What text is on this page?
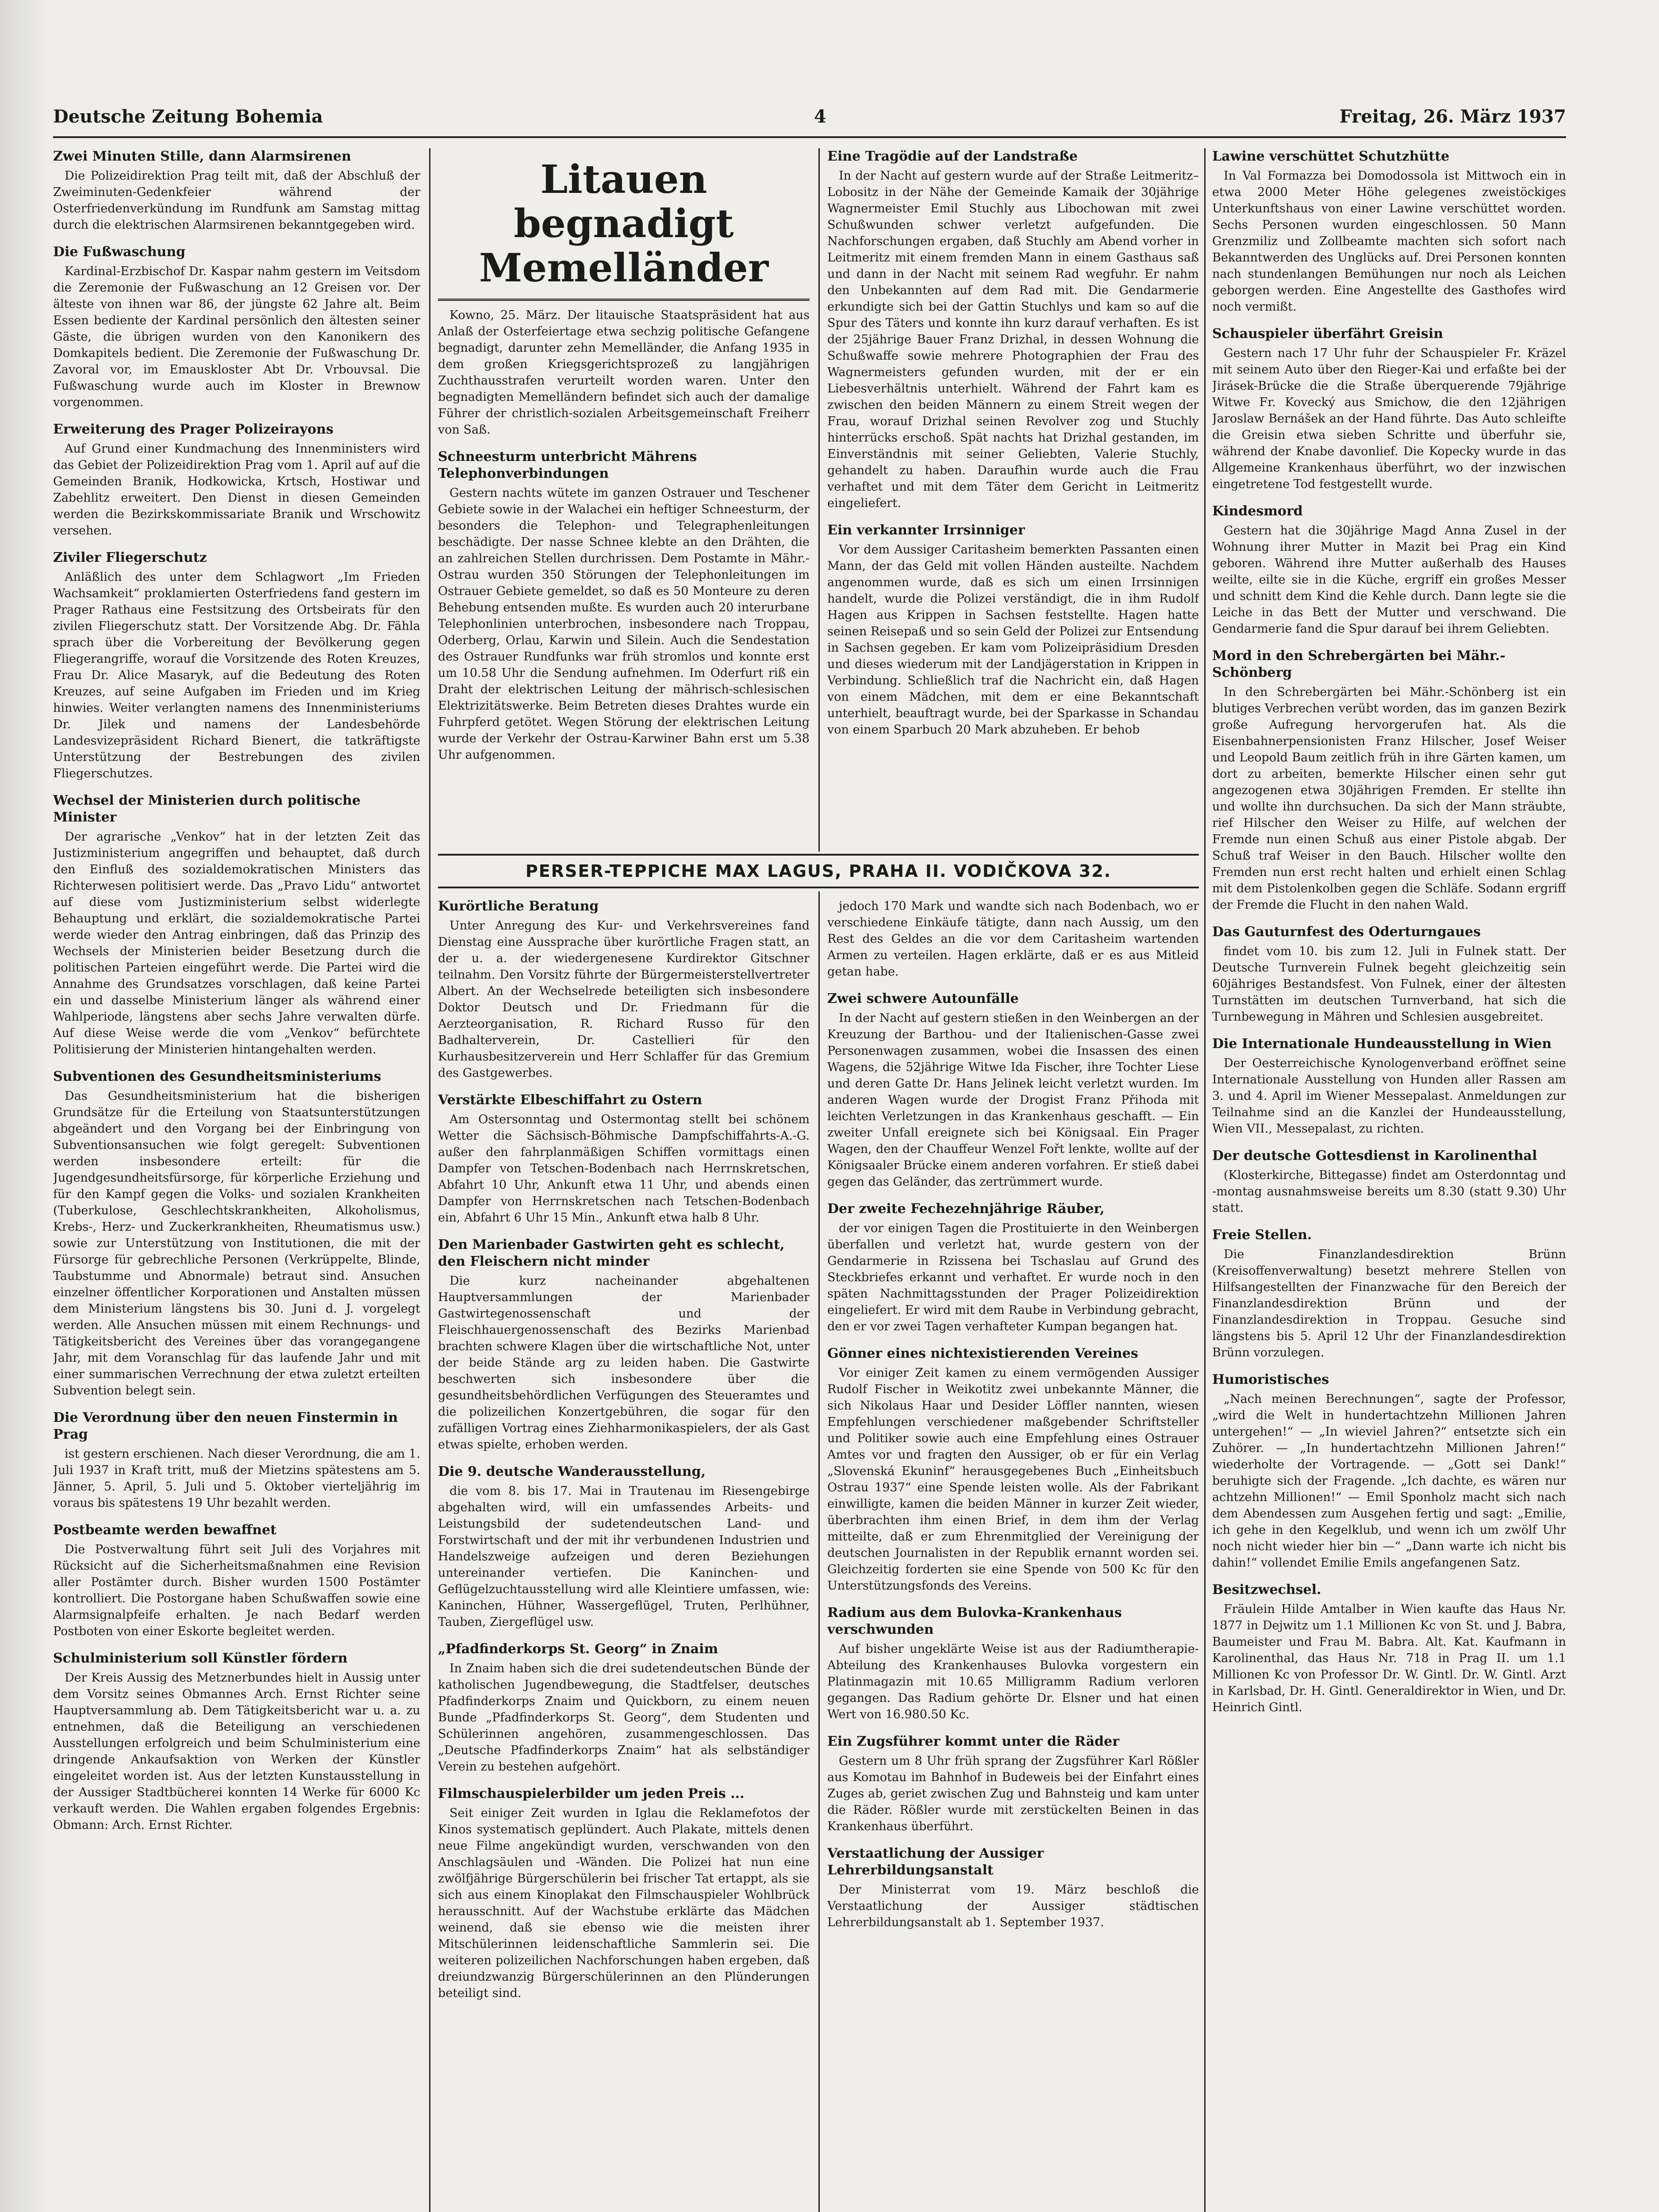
Deutsche Zeitung Bohemia	4	Freitag, 26. März 1937
Zwei Minuten Stille, dann Alarmsirenen

Die Polizeidirektion Prag teilt mit, daß der Abschluß der Zweiminuten-Gedenkfeier während der Osterfriedenverkündung im Rundfunk am Samstag mittag durch die elektrischen Alarmsirenen bekanntgegeben wird.

Die Fußwaschung

Kardinal-Erzbischof Dr. Kaspar nahm gestern im Veitsdom die Zeremonie der Fußwaschung an 12 Greisen vor. Der älteste von ihnen war 86, der jüngste 62 Jahre alt. Beim Essen bediente der Kardinal persönlich den ältesten seiner Gäste, die übrigen wurden von den Kanonikern des Domkapitels bedient. Die Zeremonie der Fußwaschung Dr. Zavoral vor, im Emauskloster Abt Dr. Vrbouvsal. Die Fußwaschung wurde auch im Kloster in Brewnow vorgenommen.

Erweiterung des Prager Polizeirayons

Auf Grund einer Kundmachung des Innenministers wird das Gebiet der Polizeidirektion Prag vom 1. April auf auf die Gemeinden Branik, Hodkowicka, Krtsch, Hostiwar und Zabehlitz erweitert. Den Dienst in diesen Gemeinden werden die Bezirkskommissariate Branik und Wrschowitz versehen.

Ziviler Fliegerschutz

Anläßlich des unter dem Schlagwort „Im Frieden Wachsamkeit“ proklamierten Osterfriedens fand gestern im Prager Rathaus eine Festsitzung des Ortsbeirats für den zivilen Fliegerschutz statt. Der Vorsitzende Abg. Dr. Fähla sprach über die Vorbereitung der Bevölkerung gegen Fliegerangriffe, worauf die Vorsitzende des Roten Kreuzes, Frau Dr. Alice Masaryk, auf die Bedeutung des Roten Kreuzes, auf seine Aufgaben im Frieden und im Krieg hinwies. Weiter verlangten namens des Innenministeriums Dr. Jilek und namens der Landesbehörde Landesvizepräsident Richard Bienert, die tatkräftigste Unterstützung der Bestrebungen des zivilen Fliegerschutzes.

Wechsel der Ministerien durch politische Minister

Der agrarische „Venkov“ hat in der letzten Zeit das Justizministerium angegriffen und behauptet, daß durch den Einfluß des sozialdemokratischen Ministers das Richterwesen politisiert werde. Das „Pravo Lidu“ antwortet auf diese vom Justizministerium selbst widerlegte Behauptung und erklärt, die sozialdemokratische Partei werde wieder den Antrag einbringen, daß das Prinzip des Wechsels der Ministerien beider Besetzung durch die politischen Parteien eingeführt werde. Die Partei wird die Annahme des Grundsatzes vorschlagen, daß keine Partei ein und dasselbe Ministerium länger als während einer Wahlperiode, längstens aber sechs Jahre verwalten dürfe. Auf diese Weise werde die vom „Venkov“ befürchtete Politisierung der Ministerien hintangehalten werden.

Subventionen des Gesundheitsministeriums

Das Gesundheitsministerium hat die bisherigen Grundsätze für die Erteilung von Staatsunterstützungen abgeändert und den Vorgang bei der Einbringung von Subventionsansuchen wie folgt geregelt: Subventionen werden insbesondere erteilt: für die Jugendgesundheitsfürsorge, für körperliche Erziehung und für den Kampf gegen die Volks- und sozialen Krankheiten (Tuberkulose, Geschlechtskrankheiten, Alkoholismus, Krebs-, Herz- und Zuckerkrankheiten, Rheumatismus usw.) sowie zur Unterstützung von Institutionen, die mit der Fürsorge für gebrechliche Personen (Verkrüppelte, Blinde, Taubstumme und Abnormale) betraut sind. Ansuchen einzelner öffentlicher Korporationen und Anstalten müssen dem Ministerium längstens bis 30. Juni d. J. vorgelegt werden. Alle Ansuchen müssen mit einem Rechnungs- und Tätigkeitsbericht des Vereines über das vorangegangene Jahr, mit dem Voranschlag für das laufende Jahr und mit einer summarischen Verrechnung der etwa zuletzt erteilten Subvention belegt sein.

Die Verordnung über den neuen Finstermin in Prag

ist gestern erschienen. Nach dieser Verordnung, die am 1. Juli 1937 in Kraft tritt, muß der Mietzins spätestens am 5. Jänner, 5. April, 5. Juli und 5. Oktober vierteljährig im voraus bis spätestens 19 Uhr bezahlt werden.

Postbeamte werden bewaffnet

Die Postverwaltung führt seit Juli des Vorjahres mit Rücksicht auf die Sicherheitsmaßnahmen eine Revision aller Postämter durch. Bisher wurden 1500 Postämter kontrolliert. Die Postorgane haben Schußwaffen sowie eine Alarmsignalpfeife erhalten. Je nach Bedarf werden Postboten von einer Eskorte begleitet werden.

Schulministerium soll Künstler fördern

Der Kreis Aussig des Metznerbundes hielt in Aussig unter dem Vorsitz seines Obmannes Arch. Ernst Richter seine Hauptversammlung ab. Dem Tätigkeitsbericht war u. a. zu entnehmen, daß die Beteiligung an verschiedenen Ausstellungen erfolgreich und beim Schulministerium eine dringende Ankaufsaktion von Werken der Künstler eingeleitet worden ist. Aus der letzten Kunstausstellung in der Aussiger Stadtbücherei konnten 14 Werke für 6000 Kc verkauft werden. Die Wahlen ergaben folgendes Ergebnis: Obmann: Arch. Ernst Richter.

Litauen begnadigt
Memelländer

Kowno, 25. März. Der litauische Staatspräsident hat aus Anlaß der Osterfeiertage etwa sechzig politische Gefangene begnadigt, darunter zehn Memelländer, die Anfang 1935 in dem großen Kriegsgerichtsprozeß zu langjährigen Zuchthausstrafen verurteilt worden waren. Unter den begnadigten Memelländern befindet sich auch der damalige Führer der christlich-sozialen Arbeitsgemeinschaft Freiherr von Saß.

Schneesturm unterbricht Mährens Telephonverbindungen

Gestern nachts wütete im ganzen Ostrauer und Teschener Gebiete sowie in der Walachei ein heftiger Schneesturm, der besonders die Telephon- und Telegraphenleitungen beschädigte. Der nasse Schnee klebte an den Drähten, die an zahlreichen Stellen durchrissen. Dem Postamte in Mähr.-Ostrau wurden 350 Störungen der Telephonleitungen im Ostrauer Gebiete gemeldet, so daß es 50 Monteure zu deren Behebung entsenden mußte. Es wurden auch 20 interurbane Telephonlinien unterbrochen, insbesondere nach Troppau, Oderberg, Orlau, Karwin und Silein. Auch die Sendestation des Ostrauer Rundfunks war früh stromlos und konnte erst um 10.58 Uhr die Sendung aufnehmen. Im Oderfurt riß ein Draht der elektrischen Leitung der mährisch-schlesischen Elektrizitätswerke. Beim Betreten dieses Drahtes wurde ein Fuhrpferd getötet. Wegen Störung der elektrischen Leitung wurde der Verkehr der Ostrau-Karwiner Bahn erst um 5.38 Uhr aufgenommen.

Eine Tragödie auf der Landstraße

In der Nacht auf gestern wurde auf der Straße Leitmeritz–Lobositz in der Nähe der Gemeinde Kamaik der 30jährige Wagnermeister Emil Stuchly aus Libochowan mit zwei Schußwunden schwer verletzt aufgefunden. Die Nachforschungen ergaben, daß Stuchly am Abend vorher in Leitmeritz mit einem fremden Mann in einem Gasthaus saß und dann in der Nacht mit seinem Rad wegfuhr. Er nahm den Unbekannten auf dem Rad mit. Die Gendarmerie erkundigte sich bei der Gattin Stuchlys und kam so auf die Spur des Täters und konnte ihn kurz darauf verhaften. Es ist der 25jährige Bauer Franz Drizhal, in dessen Wohnung die Schußwaffe sowie mehrere Photographien der Frau des Wagnermeisters gefunden wurden, mit der er ein Liebesverhältnis unterhielt. Während der Fahrt kam es zwischen den beiden Männern zu einem Streit wegen der Frau, worauf Drizhal seinen Revolver zog und Stuchly hinterrücks erschoß. Spät nachts hat Drizhal gestanden, im Einverständnis mit seiner Geliebten, Valerie Stuchly, gehandelt zu haben. Daraufhin wurde auch die Frau verhaftet und mit dem Täter dem Gericht in Leitmeritz eingeliefert.

Ein verkannter Irrsinniger

Vor dem Aussiger Caritasheim bemerkten Passanten einen Mann, der das Geld mit vollen Händen austeilte. Nachdem angenommen wurde, daß es sich um einen Irrsinnigen handelt, wurde die Polizei verständigt, die in ihm Rudolf Hagen aus Krippen in Sachsen feststellte. Hagen hatte seinen Reisepaß und so sein Geld der Polizei zur Entsendung in Sachsen gegeben. Er kam vom Polizeipräsidium Dresden und dieses wiederum mit der Landjägerstation in Krippen in Verbindung. Schließlich traf die Nachricht ein, daß Hagen von einem Mädchen, mit dem er eine Bekanntschaft unterhielt, beauftragt wurde, bei der Sparkasse in Schandau von einem Sparbuch 20 Mark abzuheben. Er behob

PERSER-TEPPICHE MAX LAGUS, PRAHA II. VODIČKOVA 32.
Kurörtliche Beratung

Unter Anregung des Kur- und Verkehrsvereines fand Dienstag eine Aussprache über kurörtliche Fragen statt, an der u. a. der wiedergenesene Kurdirektor Gitschner teilnahm. Den Vorsitz führte der Bürgermeisterstellvertreter Albert. An der Wechselrede beteiligten sich insbesondere Doktor Deutsch und Dr. Friedmann für die Aerzteorganisation, R. Richard Russo für den Badhalterverein, Dr. Castellieri für den Kurhausbesitzerverein und Herr Schlaffer für das Gremium des Gastgewerbes.

Verstärkte Elbeschiffahrt zu Ostern

Am Ostersonntag und Ostermontag stellt bei schönem Wetter die Sächsisch-Böhmische Dampfschiffahrts-A.-G. außer den fahrplanmäßigen Schiffen vormittags einen Dampfer von Tetschen-Bodenbach nach Herrnskretschen, Abfahrt 10 Uhr, Ankunft etwa 11 Uhr, und abends einen Dampfer von Herrnskretschen nach Tetschen-Bodenbach ein, Abfahrt 6 Uhr 15 Min., Ankunft etwa halb 8 Uhr.

Den Marienbader Gastwirten geht es schlecht, den Fleischern nicht minder

Die kurz nacheinander abgehaltenen Hauptversammlungen der Marienbader Gastwirtegenossenschaft und der Fleischhauergenossenschaft des Bezirks Marienbad brachten schwere Klagen über die wirtschaftliche Not, unter der beide Stände arg zu leiden haben. Die Gastwirte beschwerten sich insbesondere über die gesundheitsbehördlichen Verfügungen des Steueramtes und die polizeilichen Konzertgebühren, die sogar für den zufälligen Vortrag eines Ziehharmonikaspielers, der als Gast etwas spielte, erhoben werden.

Die 9. deutsche Wanderausstellung,

die vom 8. bis 17. Mai in Trautenau im Riesengebirge abgehalten wird, will ein umfassendes Arbeits- und Leistungsbild der sudetendeutschen Land- und Forstwirtschaft und der mit ihr verbundenen Industrien und Handelszweige aufzeigen und deren Beziehungen untereinander vertiefen. Die Kaninchen- und Geflügelzuchtausstellung wird alle Kleintiere umfassen, wie: Kaninchen, Hühner, Wassergeflügel, Truten, Perlhühner, Tauben, Ziergeflügel usw.

„Pfadfinderkorps St. Georg“ in Znaim

In Znaim haben sich die drei sudetendeutschen Bünde der katholischen Jugendbewegung, die Stadtfelser, deutsches Pfadfinderkorps Znaim und Quickborn, zu einem neuen Bunde „Pfadfinderkorps St. Georg“, dem Studenten und Schülerinnen angehören, zusammengeschlossen. Das „Deutsche Pfadfinderkorps Znaim“ hat als selbständiger Verein zu bestehen aufgehört.

Filmschauspielerbilder um jeden Preis ...

Seit einiger Zeit wurden in Iglau die Reklamefotos der Kinos systematisch geplündert. Auch Plakate, mittels denen neue Filme angekündigt wurden, verschwanden von den Anschlagsäulen und -Wänden. Die Polizei hat nun eine zwölfjährige Bürgerschülerin bei frischer Tat ertappt, als sie sich aus einem Kinoplakat den Filmschauspieler Wohlbrück herausschnitt. Auf der Wachstube erklärte das Mädchen weinend, daß sie ebenso wie die meisten ihrer Mitschülerinnen leidenschaftliche Sammlerin sei. Die weiteren polizeilichen Nachforschungen haben ergeben, daß dreiundzwanzig Bürgerschülerinnen an den Plünderungen beteiligt sind.

jedoch 170 Mark und wandte sich nach Bodenbach, wo er verschiedene Einkäufe tätigte, dann nach Aussig, um den Rest des Geldes an die vor dem Caritasheim wartenden Armen zu verteilen. Hagen erklärte, daß er es aus Mitleid getan habe.

Zwei schwere Autounfälle

In der Nacht auf gestern stießen in den Weinbergen an der Kreuzung der Barthou- und der Italienischen-Gasse zwei Personenwagen zusammen, wobei die Insassen des einen Wagens, die 52jährige Witwe Ida Fischer, ihre Tochter Liese und deren Gatte Dr. Hans Jelinek leicht verletzt wurden. Im anderen Wagen wurde der Drogist Franz Přihoda mit leichten Verletzungen in das Krankenhaus geschafft. — Ein zweiter Unfall ereignete sich bei Königsaal. Ein Prager Wagen, den der Chauffeur Wenzel Fořt lenkte, wollte auf der Königsaaler Brücke einem anderen vorfahren. Er stieß dabei gegen das Geländer, das zertrümmert wurde.

Der zweite Fechezehnjährige Räuber,

der vor einigen Tagen die Prostituierte in den Weinbergen überfallen und verletzt hat, wurde gestern von der Gendarmerie in Rzissena bei Tschaslau auf Grund des Steckbriefes erkannt und verhaftet. Er wurde noch in den späten Nachmittagsstunden der Prager Polizeidirektion eingeliefert. Er wird mit dem Raube in Verbindung gebracht, den er vor zwei Tagen verhafteter Kumpan begangen hat.

Gönner eines nichtexistierenden Vereines

Vor einiger Zeit kamen zu einem vermögenden Aussiger Rudolf Fischer in Weikotitz zwei unbekannte Männer, die sich Nikolaus Haar und Desider Löffler nannten, wiesen Empfehlungen verschiedener maßgebender Schriftsteller und Politiker sowie auch eine Empfehlung eines Ostrauer Amtes vor und fragten den Aussiger, ob er für ein Verlag „Slovenská Ekuninf“ herausgegebenes Buch „Einheitsbuch Ostrau 1937“ eine Spende leisten wolle. Als der Fabrikant einwilligte, kamen die beiden Männer in kurzer Zeit wieder, überbrachten ihm einen Brief, in dem ihm der Verlag mitteilte, daß er zum Ehrenmitglied der Vereinigung der deutschen Journalisten in der Republik ernannt worden sei. Gleichzeitig forderten sie eine Spende von 500 Kc für den Unterstützungsfonds des Vereins.

Radium aus dem Bulovka-Krankenhaus verschwunden

Auf bisher ungeklärte Weise ist aus der Radiumtherapie-Abteilung des Krankenhauses Bulovka vorgestern ein Platinmagazin mit 10.65 Milligramm Radium verloren gegangen. Das Radium gehörte Dr. Elsner und hat einen Wert von 16.980.50 Kc.

Ein Zugsführer kommt unter die Räder

Gestern um 8 Uhr früh sprang der Zugsführer Karl Rößler aus Komotau im Bahnhof in Budeweis bei der Einfahrt eines Zuges ab, geriet zwischen Zug und Bahnsteig und kam unter die Räder. Rößler wurde mit zerstückelten Beinen in das Krankenhaus überführt.

Verstaatlichung der Aussiger Lehrerbildungsanstalt

Der Ministerrat vom 19. März beschloß die Verstaatlichung der Aussiger städtischen Lehrerbildungsanstalt ab 1. September 1937.

Lawine verschüttet Schutzhütte

In Val Formazza bei Domodossola ist Mittwoch ein in etwa 2000 Meter Höhe gelegenes zweistöckiges Unterkunftshaus von einer Lawine verschüttet worden. Sechs Personen wurden eingeschlossen. 50 Mann Grenzmiliz und Zollbeamte machten sich sofort nach Bekanntwerden des Unglücks auf. Drei Personen konnten nach stundenlangen Bemühungen nur noch als Leichen geborgen werden. Eine Angestellte des Gasthofes wird noch vermißt.

Schauspieler überfährt Greisin

Gestern nach 17 Uhr fuhr der Schauspieler Fr. Kräzel mit seinem Auto über den Rieger-Kai und erfaßte bei der Jirásek-Brücke die die Straße überquerende 79jährige Witwe Fr. Kovecký aus Smichow, die den 12jährigen Jaroslaw Bernášek an der Hand führte. Das Auto schleifte die Greisin etwa sieben Schritte und überfuhr sie, während der Knabe davonlief. Die Kopecky wurde in das Allgemeine Krankenhaus überführt, wo der inzwischen eingetretene Tod festgestellt wurde.

Kindesmord

Gestern hat die 30jährige Magd Anna Zusel in der Wohnung ihrer Mutter in Mazit bei Prag ein Kind geboren. Während ihre Mutter außerhalb des Hauses weilte, eilte sie in die Küche, ergriff ein großes Messer und schnitt dem Kind die Kehle durch. Dann legte sie die Leiche in das Bett der Mutter und verschwand. Die Gendarmerie fand die Spur darauf bei ihrem Geliebten.

Mord in den Schrebergärten bei Mähr.-Schönberg

In den Schrebergärten bei Mähr.-Schönberg ist ein blutiges Verbrechen verübt worden, das im ganzen Bezirk große Aufregung hervorgerufen hat. Als die Eisenbahnerpensionisten Franz Hilscher, Josef Weiser und Leopold Baum zeitlich früh in ihre Gärten kamen, um dort zu arbeiten, bemerkte Hilscher einen sehr gut angezogenen etwa 30jährigen Fremden. Er stellte ihn und wollte ihn durchsuchen. Da sich der Mann sträubte, rief Hilscher den Weiser zu Hilfe, auf welchen der Fremde nun einen Schuß aus einer Pistole abgab. Der Schuß traf Weiser in den Bauch. Hilscher wollte den Fremden nun erst recht halten und erhielt einen Schlag mit dem Pistolenkolben gegen die Schläfe. Sodann ergriff der Fremde die Flucht in den nahen Wald.

Das Gauturnfest des Oderturngaues

findet vom 10. bis zum 12. Juli in Fulnek statt. Der Deutsche Turnverein Fulnek begeht gleichzeitig sein 60jähriges Bestandsfest. Von Fulnek, einer der ältesten Turnstätten im deutschen Turnverband, hat sich die Turnbewegung in Mähren und Schlesien ausgebreitet.

Die Internationale Hundeausstellung in Wien

Der Oesterreichische Kynologenverband eröffnet seine Internationale Ausstellung von Hunden aller Rassen am 3. und 4. April im Wiener Messepalast. Anmeldungen zur Teilnahme sind an die Kanzlei der Hundeausstellung, Wien VII., Messepalast, zu richten.

Der deutsche Gottesdienst in Karolinenthal

(Klosterkirche, Bittegasse) findet am Osterdonntag und -montag ausnahmsweise bereits um 8.30 (statt 9.30) Uhr statt.

Freie Stellen.

Die Finanzlandesdirektion Brünn (Kreisoffenverwaltung) besetzt mehrere Stellen von Hilfsangestellten der Finanzwache für den Bereich der Finanzlandesdirektion Brünn und der Finanzlandesdirektion in Troppau. Gesuche sind längstens bis 5. April 12 Uhr der Finanzlandesdirektion Brünn vorzulegen.

Humoristisches

„Nach meinen Berechnungen“, sagte der Professor, „wird die Welt in hundertachtzehn Millionen Jahren untergehen!“ — „In wieviel Jahren?“ entsetzte sich ein Zuhörer. — „In hundertachtzehn Millionen Jahren!“ wiederholte der Vortragende. — „Gott sei Dank!“ beruhigte sich der Fragende. „Ich dachte, es wären nur achtzehn Millionen!“ — Emil Sponholz macht sich nach dem Abendessen zum Ausgehen fertig und sagt: „Emilie, ich gehe in den Kegelklub, und wenn ich um zwölf Uhr noch nicht wieder hier bin —“ „Dann warte ich nicht bis dahin!“ vollendet Emilie Emils angefangenen Satz.

Besitzwechsel.

Fräulein Hilde Amtalber in Wien kaufte das Haus Nr. 1877 in Dejwitz um 1.1 Millionen Kc von St. und J. Babra, Baumeister und Frau M. Babra. Alt. Kat. Kaufmann in Karolinenthal, das Haus Nr. 718 in Prag II. um 1.1 Millionen Kc von Professor Dr. W. Gintl. Dr. W. Gintl. Arzt in Karlsbad, Dr. H. Gintl. Generaldirektor in Wien, und Dr. Heinrich Gintl.
